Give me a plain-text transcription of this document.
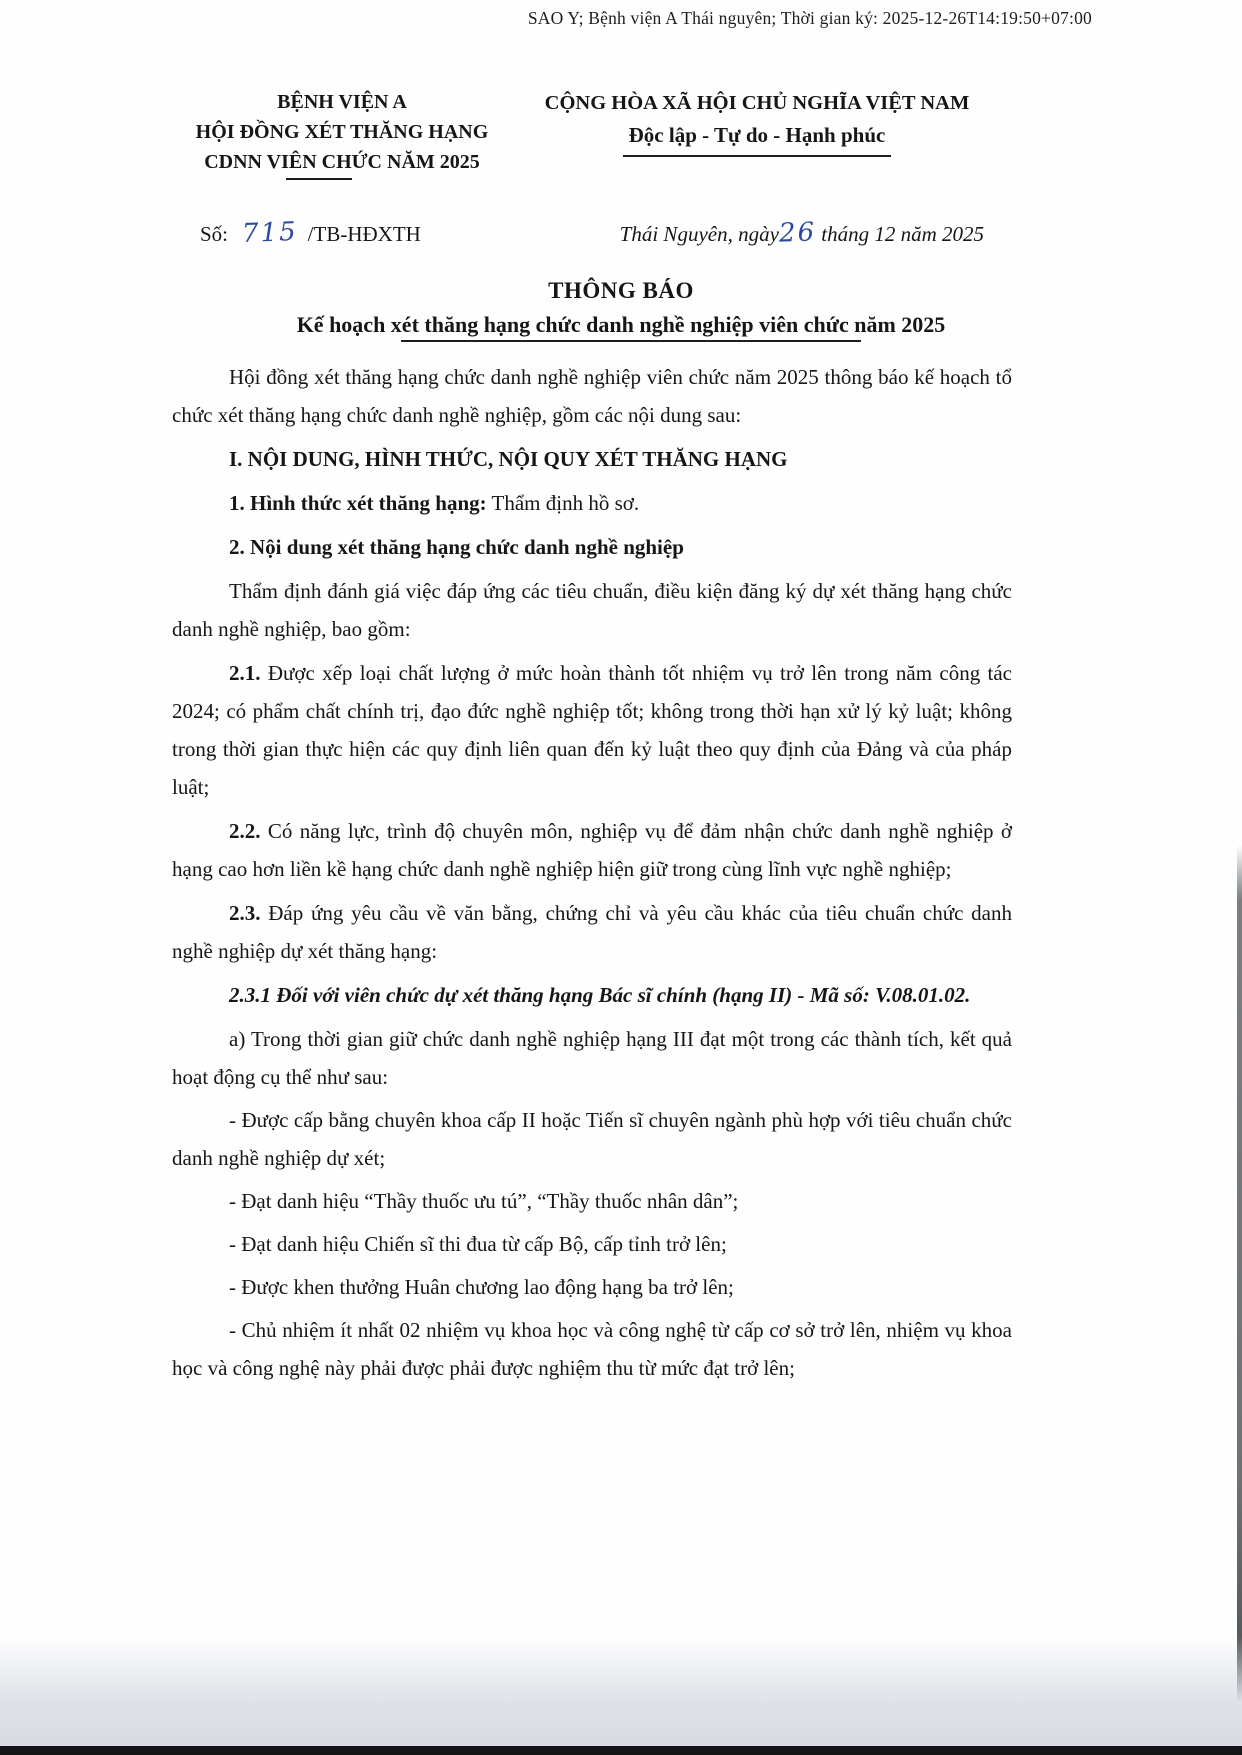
SAO Y; Bệnh viện A Thái nguyên; Thời gian ký: 2025-12-26T14:19:50+07:00
BỆNH VIỆN A
HỘI ĐỒNG XÉT THĂNG HẠNG
CDNN VIÊN CHỨC NĂM 2025
CỘNG HÒA XÃ HỘI CHỦ NGHĨA VIỆT NAM
Độc lập - Tự do - Hạnh phúc
Số: 715 /TB-HĐXTH	Thái Nguyên, ngày26 tháng 12 năm 2025
THÔNG BÁO
Kế hoạch xét thăng hạng chức danh nghề nghiệp viên chức năm 2025

Hội đồng xét thăng hạng chức danh nghề nghiệp viên chức năm 2025 thông báo kế hoạch tổ chức xét thăng hạng chức danh nghề nghiệp, gồm các nội dung sau:

I. NỘI DUNG, HÌNH THỨC, NỘI QUY XÉT THĂNG HẠNG

1. Hình thức xét thăng hạng: Thẩm định hồ sơ.

2. Nội dung xét thăng hạng chức danh nghề nghiệp

Thẩm định đánh giá việc đáp ứng các tiêu chuẩn, điều kiện đăng ký dự xét thăng hạng chức danh nghề nghiệp, bao gồm:

2.1. Được xếp loại chất lượng ở mức hoàn thành tốt nhiệm vụ trở lên trong năm công tác 2024; có phẩm chất chính trị, đạo đức nghề nghiệp tốt; không trong thời hạn xử lý kỷ luật; không trong thời gian thực hiện các quy định liên quan đến kỷ luật theo quy định của Đảng và của pháp luật;

2.2. Có năng lực, trình độ chuyên môn, nghiệp vụ để đảm nhận chức danh nghề nghiệp ở hạng cao hơn liền kề hạng chức danh nghề nghiệp hiện giữ trong cùng lĩnh vực nghề nghiệp;

2.3. Đáp ứng yêu cầu về văn bằng, chứng chỉ và yêu cầu khác của tiêu chuẩn chức danh nghề nghiệp dự xét thăng hạng:

2.3.1 Đối với viên chức dự xét thăng hạng Bác sĩ chính (hạng II) - Mã số: V.08.01.02.

a) Trong thời gian giữ chức danh nghề nghiệp hạng III đạt một trong các thành tích, kết quả hoạt động cụ thể như sau:

- Được cấp bằng chuyên khoa cấp II hoặc Tiến sĩ chuyên ngành phù hợp với tiêu chuẩn chức danh nghề nghiệp dự xét;

- Đạt danh hiệu “Thầy thuốc ưu tú”, “Thầy thuốc nhân dân”;

- Đạt danh hiệu Chiến sĩ thi đua từ cấp Bộ, cấp tỉnh trở lên;

- Được khen thưởng Huân chương lao động hạng ba trở lên;

- Chủ nhiệm ít nhất 02 nhiệm vụ khoa học và công nghệ từ cấp cơ sở trở lên, nhiệm vụ khoa học và công nghệ này phải được phải được nghiệm thu từ mức đạt trở lên;
